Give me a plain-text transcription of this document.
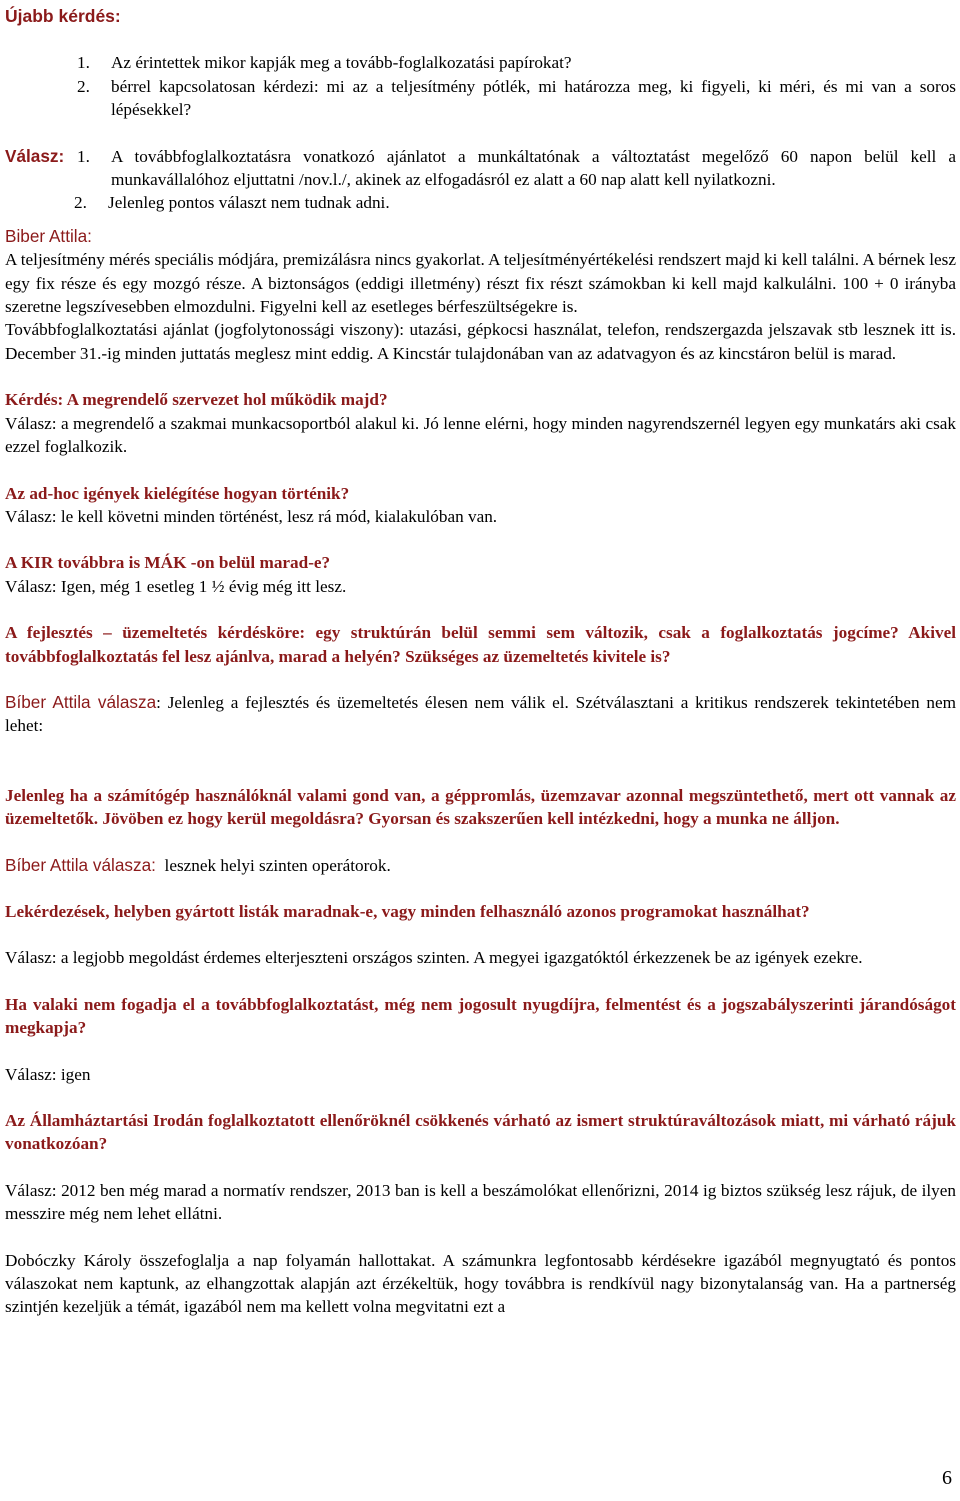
Újabb kérdés:
1.	Az érintettek mikor kapják meg a tovább-foglalkozatási papírokat?
2.	bérrel kapcsolatosan kérdezi: mi az a teljesítmény pótlék, mi határozza meg, ki figyeli, ki méri, és mi van a soros lépésekkel?
Válasz: 1.	A továbbfoglalkoztatásra vonatkozó ajánlatot a munkáltatónak a változtatást megelőző 60 napon belül kell a munkavállalóhoz eljuttatni /nov.l./, akinek az elfogadásról ez alatt a 60 nap alatt kell nyilatkozni.
2.	Jelenleg pontos választ nem tudnak adni.
Biber Attila:

A teljesítmény mérés speciális módjára, premizálásra nincs gyakorlat. A teljesítményértékelési rendszert majd ki kell találni. A bérnek lesz egy fix része és egy mozgó része. A biztonságos (eddigi illetmény) részt fix részt számokban ki kell majd kalkulálni. 100 + 0 irányba szeretne legszívesebben elmozdulni. Figyelni kell az esetleges bérfeszültségekre is.

Továbbfoglalkoztatási ajánlat (jogfolytonossági viszony): utazási, gépkocsi használat, telefon, rendszergazda jelszavak stb lesznek itt is. December 31.-ig minden juttatás meglesz mint eddig. A Kincstár tulajdonában van az adatvagyon és az kincstáron belül is marad.

Kérdés: A megrendelő szervezet hol működik majd?

Válasz: a megrendelő a szakmai munkacsoportból alakul ki. Jó lenne elérni, hogy minden nagyrendszernél legyen egy munkatárs aki csak ezzel foglalkozik.

Az ad-hoc igények kielégítése hogyan történik?

Válasz: le kell követni minden történést, lesz rá mód, kialakulóban van.

A KIR továbbra is MÁK -on belül marad-e?

Válasz: Igen, még 1 esetleg 1 ½ évig még itt lesz.

A fejlesztés – üzemeltetés kérdésköre: egy struktúrán belül semmi sem változik, csak a foglalkoztatás jogcíme? Akivel továbbfoglalkoztatás fel lesz ajánlva, marad a helyén? Szükséges az üzemeltetés kivitele is?

Bíber Attila válasza: Jelenleg a fejlesztés és üzemeltetés élesen nem válik el. Szétválasztani a kritikus rendszerek tekintetében nem lehet:

Jelenleg ha a számítógép használóknál valami gond van, a géppromlás, üzemzavar azonnal megszüntethető, mert ott vannak az üzemeltetők. Jövöben ez hogy kerül megoldásra? Gyorsan és szakszerűen kell intézkedni, hogy a munka ne álljon.

Bíber Attila válasza:  lesznek helyi szinten operátorok.

Lekérdezések, helyben gyártott listák maradnak-e, vagy minden felhasználó azonos programokat használhat?

Válasz: a legjobb megoldást érdemes elterjeszteni országos szinten. A megyei igazgatóktól érkezzenek be az igények ezekre.

Ha valaki nem fogadja el a továbbfoglalkoztatást, még nem jogosult nyugdíjra, felmentést és a jogszabályszerinti járandóságot megkapja?

Válasz: igen

Az Államháztartási Irodán foglalkoztatott ellenőröknél csökkenés várható az ismert struktúraváltozások miatt, mi várható rájuk vonatkozóan?

Válasz: 2012 ben még marad a normatív rendszer, 2013 ban is kell a beszámolókat ellenőrizni, 2014 ig biztos szükség lesz rájuk, de ilyen messzire még nem lehet ellátni.

Dobóczky Károly összefoglalja a nap folyamán hallottakat. A számunkra legfontosabb kérdésekre igazából megnyugtató és pontos válaszokat nem kaptunk, az elhangzottak alapján azt érzékeltük, hogy továbbra is rendkívül nagy bizonytalanság van. Ha a partnerség szintjén kezeljük a témát, igazából nem ma kellett volna megvitatni ezt a

6
